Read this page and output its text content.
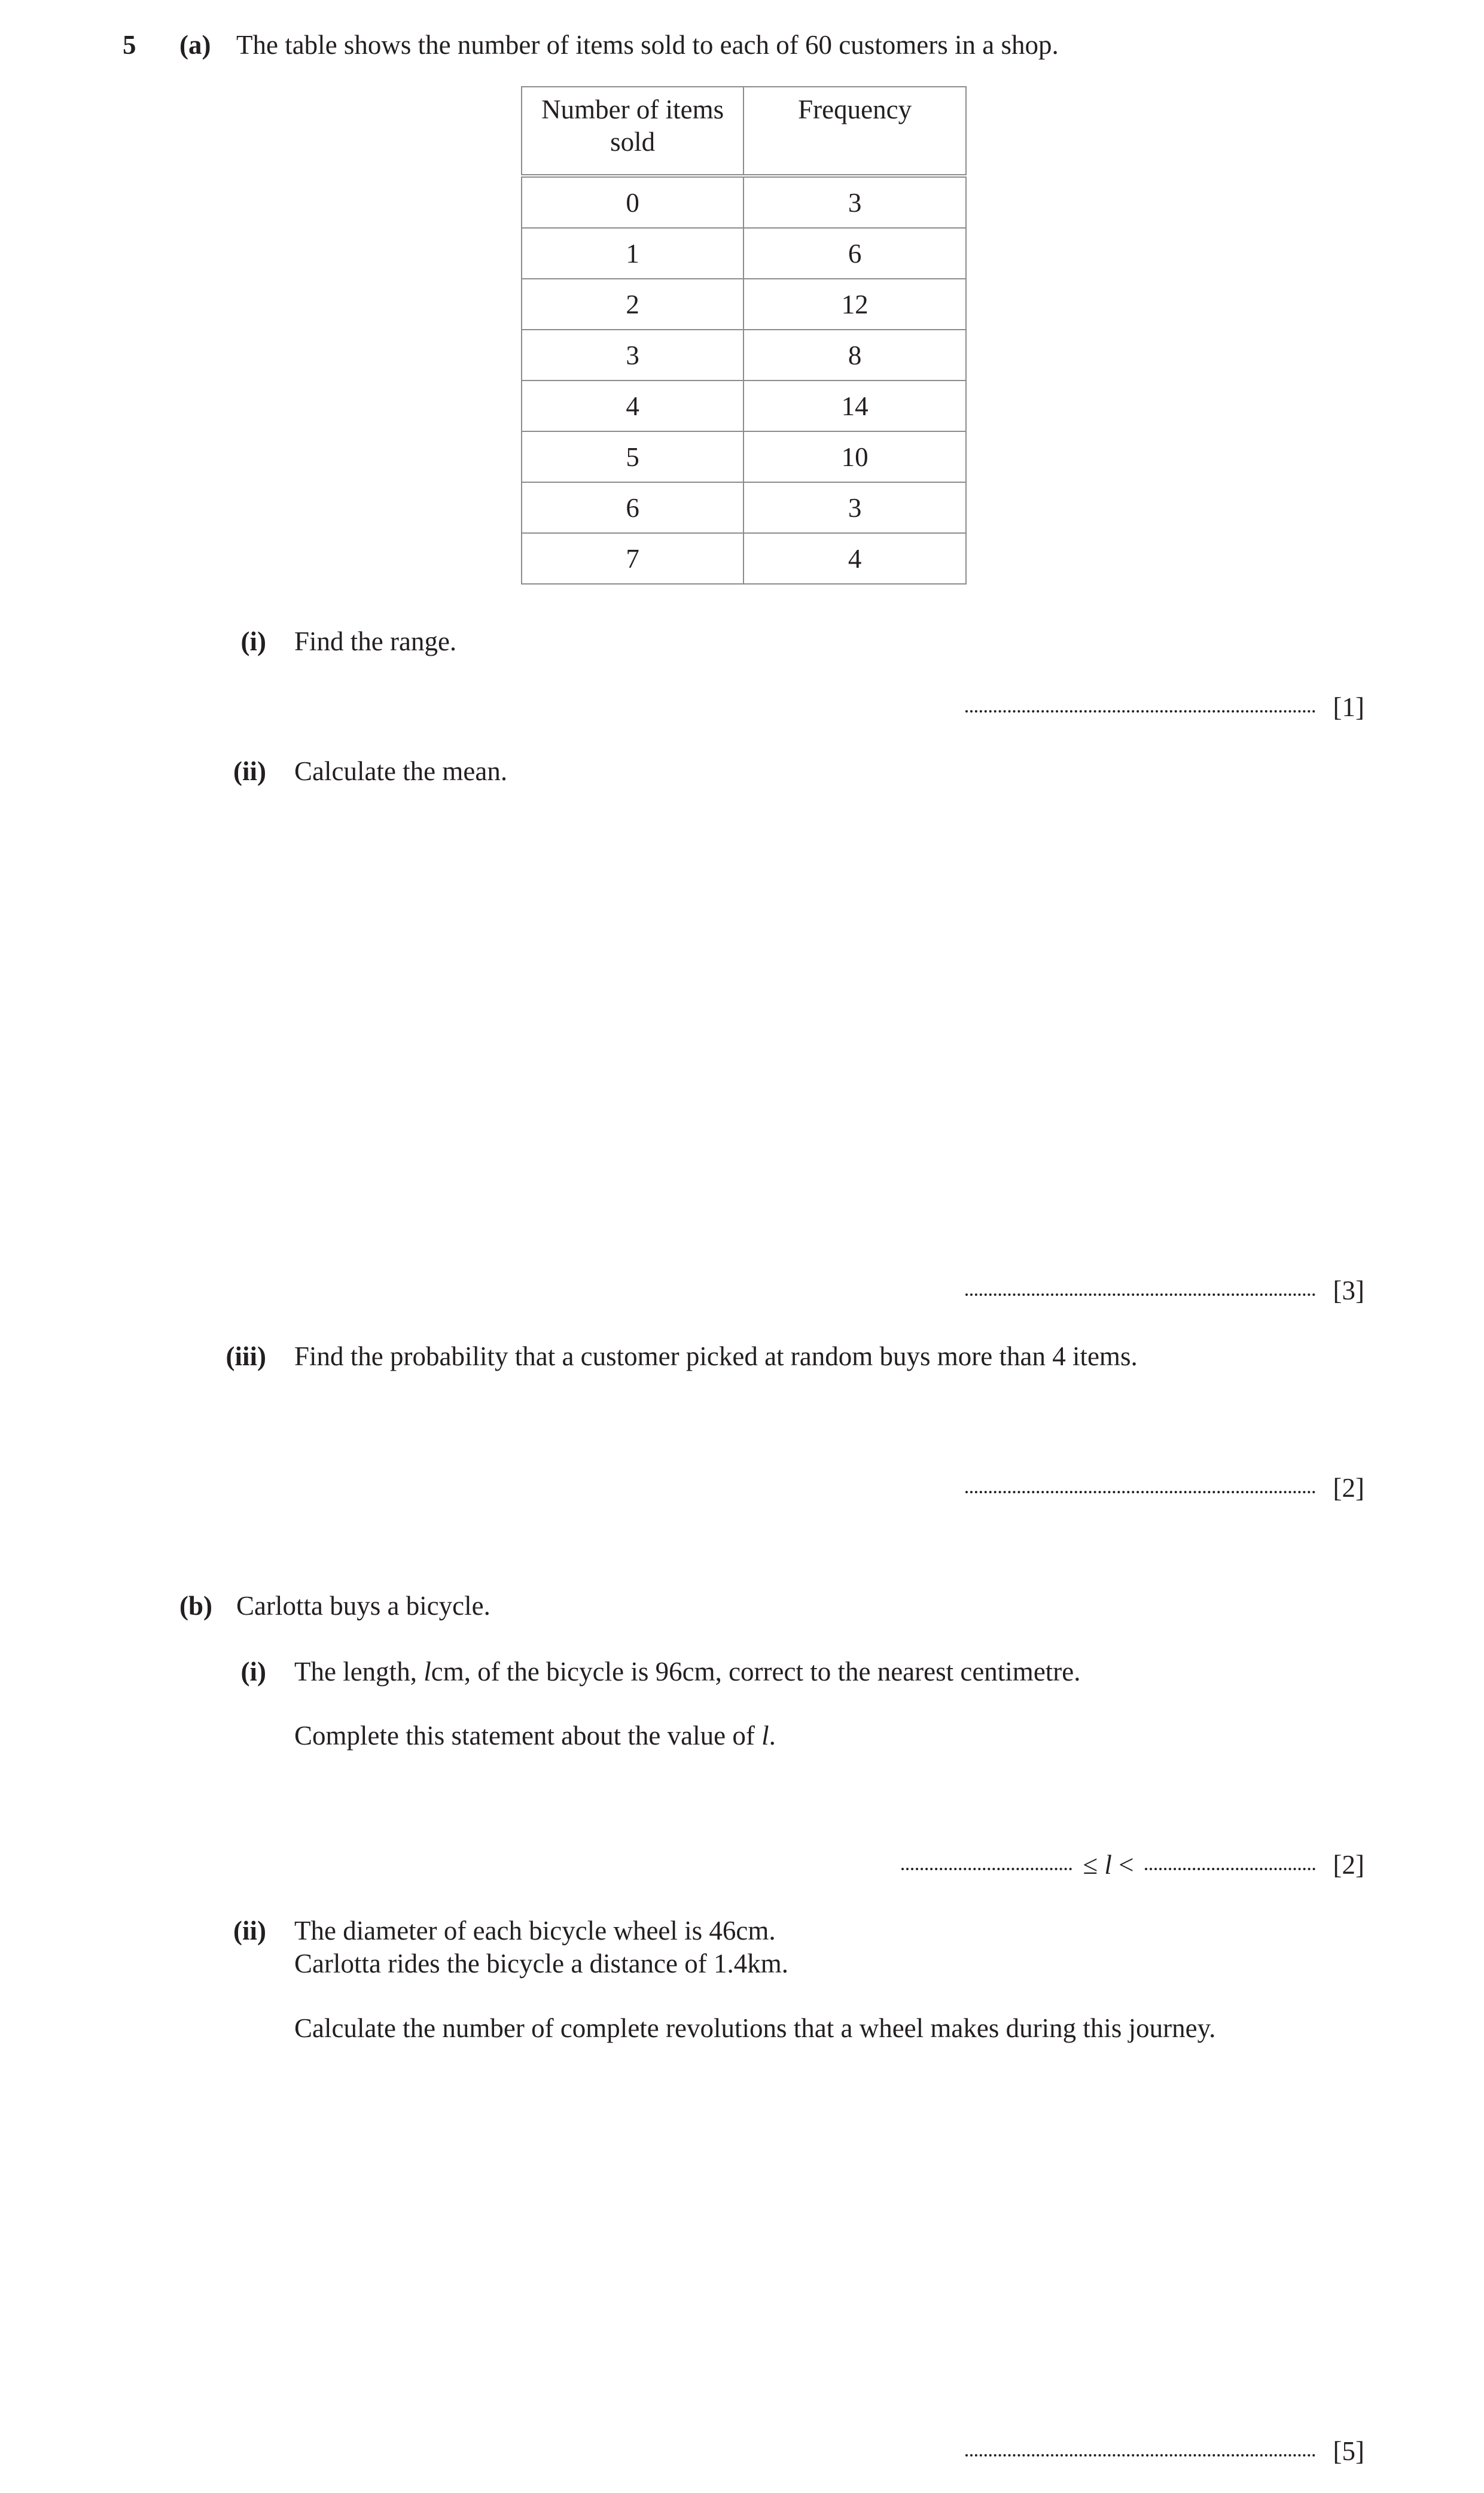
5 (a) The table shows the number of items sold to each of 60 customers in a shop.
Number of items
sold	Frequency
0	3
1	6
2	12
3	8
4	14
5	10
6	3
7	4
(i) Find the range.
[1]
(ii) Calculate the mean.
[3]
(iii) Find the probability that a customer picked at random buys more than 4 items.
[2]
(b) Carlotta buys a bicycle.
(i) The length, lcm, of the bicycle is 96cm, correct to the nearest centimetre.
Complete this statement about the value of l.
≤ l <	[2]
(ii) The diameter of each bicycle wheel is 46cm.
Carlotta rides the bicycle a distance of 1.4km.
Calculate the number of complete revolutions that a wheel makes during this journey.
[5]
